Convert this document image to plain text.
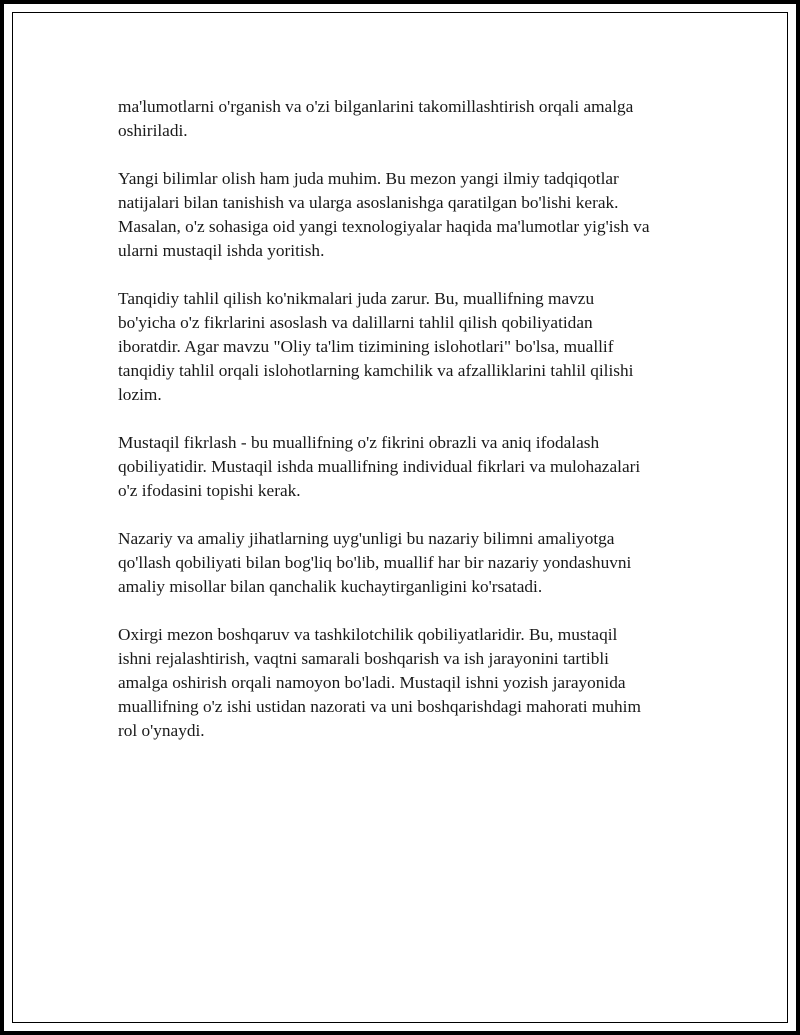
ma'lumotlarni o'rganish va o'zi bilganlarini takomillashtirish orqali amalga
oshiriladi.

Yangi bilimlar olish ham juda muhim. Bu mezon yangi ilmiy tadqiqotlar
natijalari bilan tanishish va ularga asoslanishga qaratilgan bo'lishi kerak.
Masalan, o'z sohasiga oid yangi texnologiyalar haqida ma'lumotlar yig'ish va
ularni mustaqil ishda yoritish.

Tanqidiy tahlil qilish ko'nikmalari juda zarur. Bu, muallifning mavzu
bo'yicha o'z fikrlarini asoslash va dalillarni tahlil qilish qobiliyatidan
iboratdir. Agar mavzu "Oliy ta'lim tizimining islohotlari" bo'lsa, muallif
tanqidiy tahlil orqali islohotlarning kamchilik va afzalliklarini tahlil qilishi
lozim.

Mustaqil fikrlash - bu muallifning o'z fikrini obrazli va aniq ifodalash
qobiliyatidir. Mustaqil ishda muallifning individual fikrlari va mulohazalari
o'z ifodasini topishi kerak.

Nazariy va amaliy jihatlarning uyg'unligi bu nazariy bilimni amaliyotga
qo'llash qobiliyati bilan bog'liq bo'lib, muallif har bir nazariy yondashuvni
amaliy misollar bilan qanchalik kuchaytirganligini ko'rsatadi.

Oxirgi mezon boshqaruv va tashkilotchilik qobiliyatlaridir. Bu, mustaqil
ishni rejalashtirish, vaqtni samarali boshqarish va ish jarayonini tartibli
amalga oshirish orqali namoyon bo'ladi. Mustaqil ishni yozish jarayonida
muallifning o'z ishi ustidan nazorati va uni boshqarishdagi mahorati muhim
rol o'ynaydi.
